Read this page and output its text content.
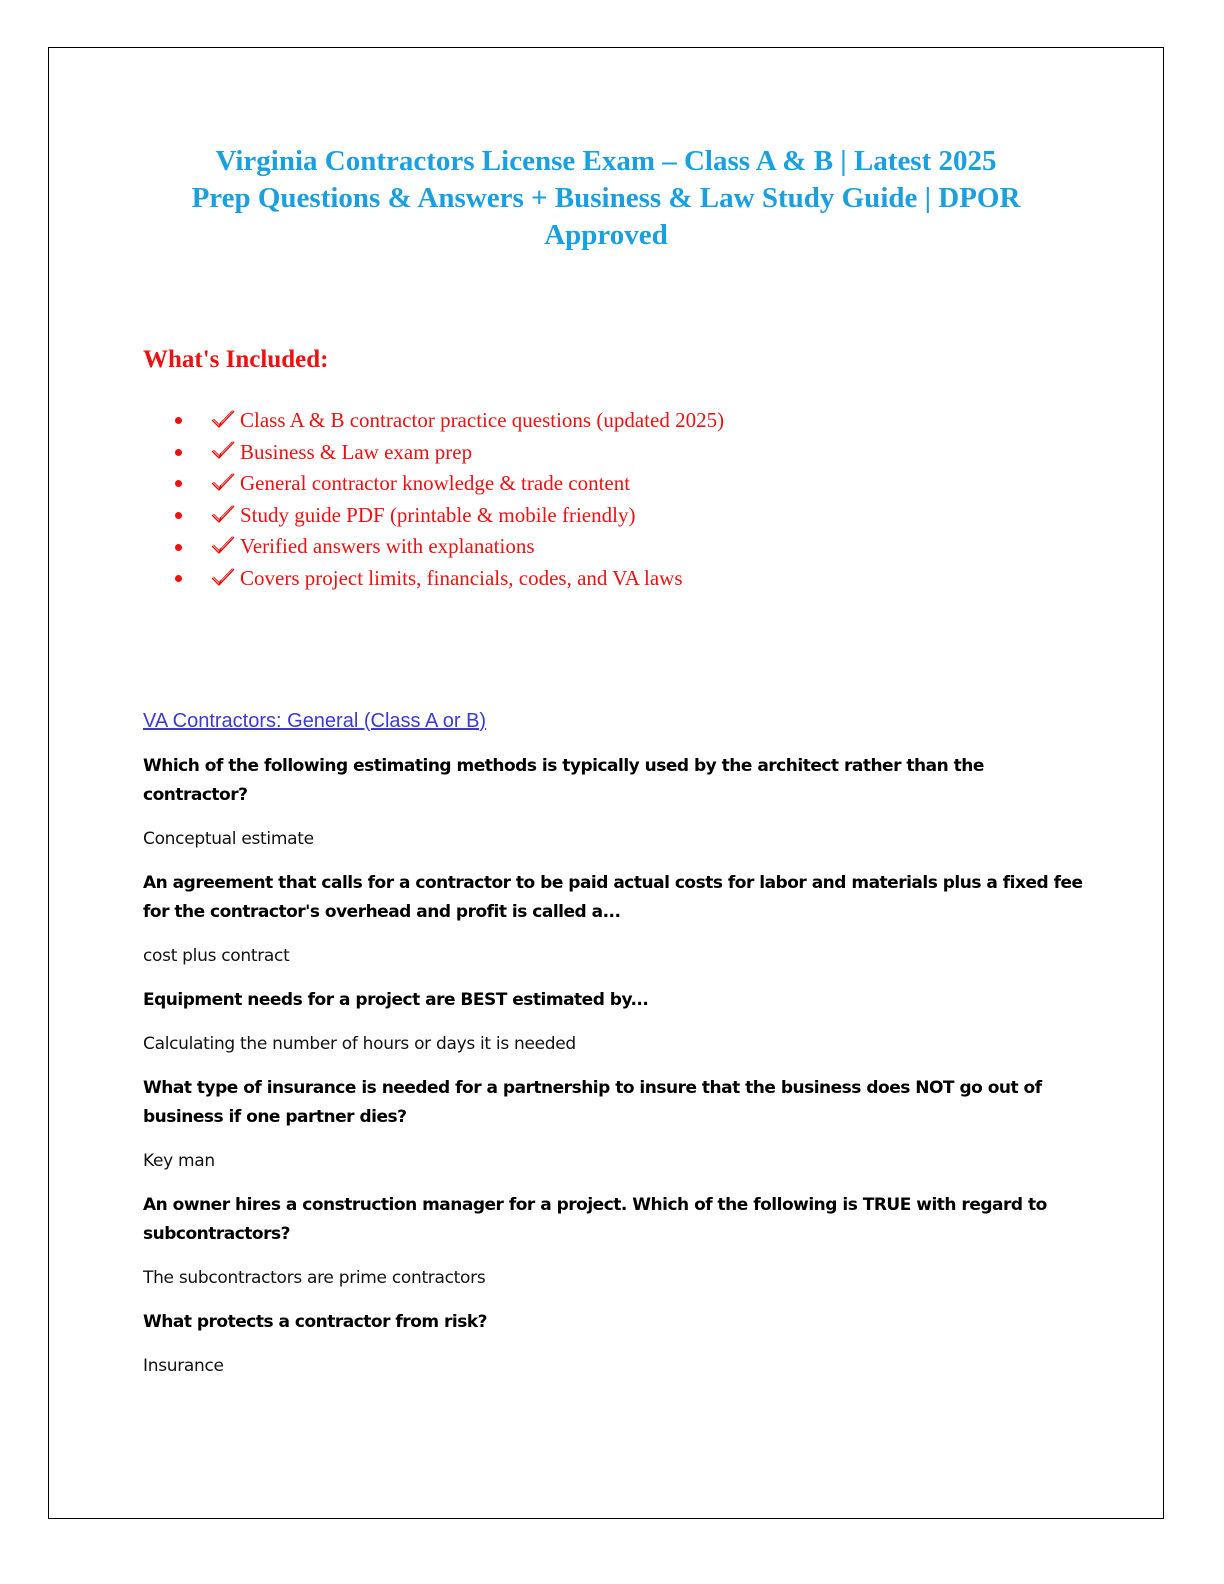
Virginia Contractors License Exam – Class A & B | Latest 2025
Prep Questions & Answers + Business & Law Study Guide | DPOR
Approved
What's Included:
Class A & B contractor practice questions (updated 2025)
Business & Law exam prep
General contractor knowledge & trade content
Study guide PDF (printable & mobile friendly)
Verified answers with explanations
Covers project limits, financials, codes, and VA laws
VA Contractors: General (Class A or B)

Which of the following estimating methods is typically used by the architect rather than the contractor?

Conceptual estimate

An agreement that calls for a contractor to be paid actual costs for labor and materials plus a fixed fee for the contractor's overhead and profit is called a...

cost plus contract

Equipment needs for a project are BEST estimated by...

Calculating the number of hours or days it is needed

What type of insurance is needed for a partnership to insure that the business does NOT go out of business if one partner dies?

Key man

An owner hires a construction manager for a project. Which of the following is TRUE with regard to subcontractors?

The subcontractors are prime contractors

What protects a contractor from risk?

Insurance
